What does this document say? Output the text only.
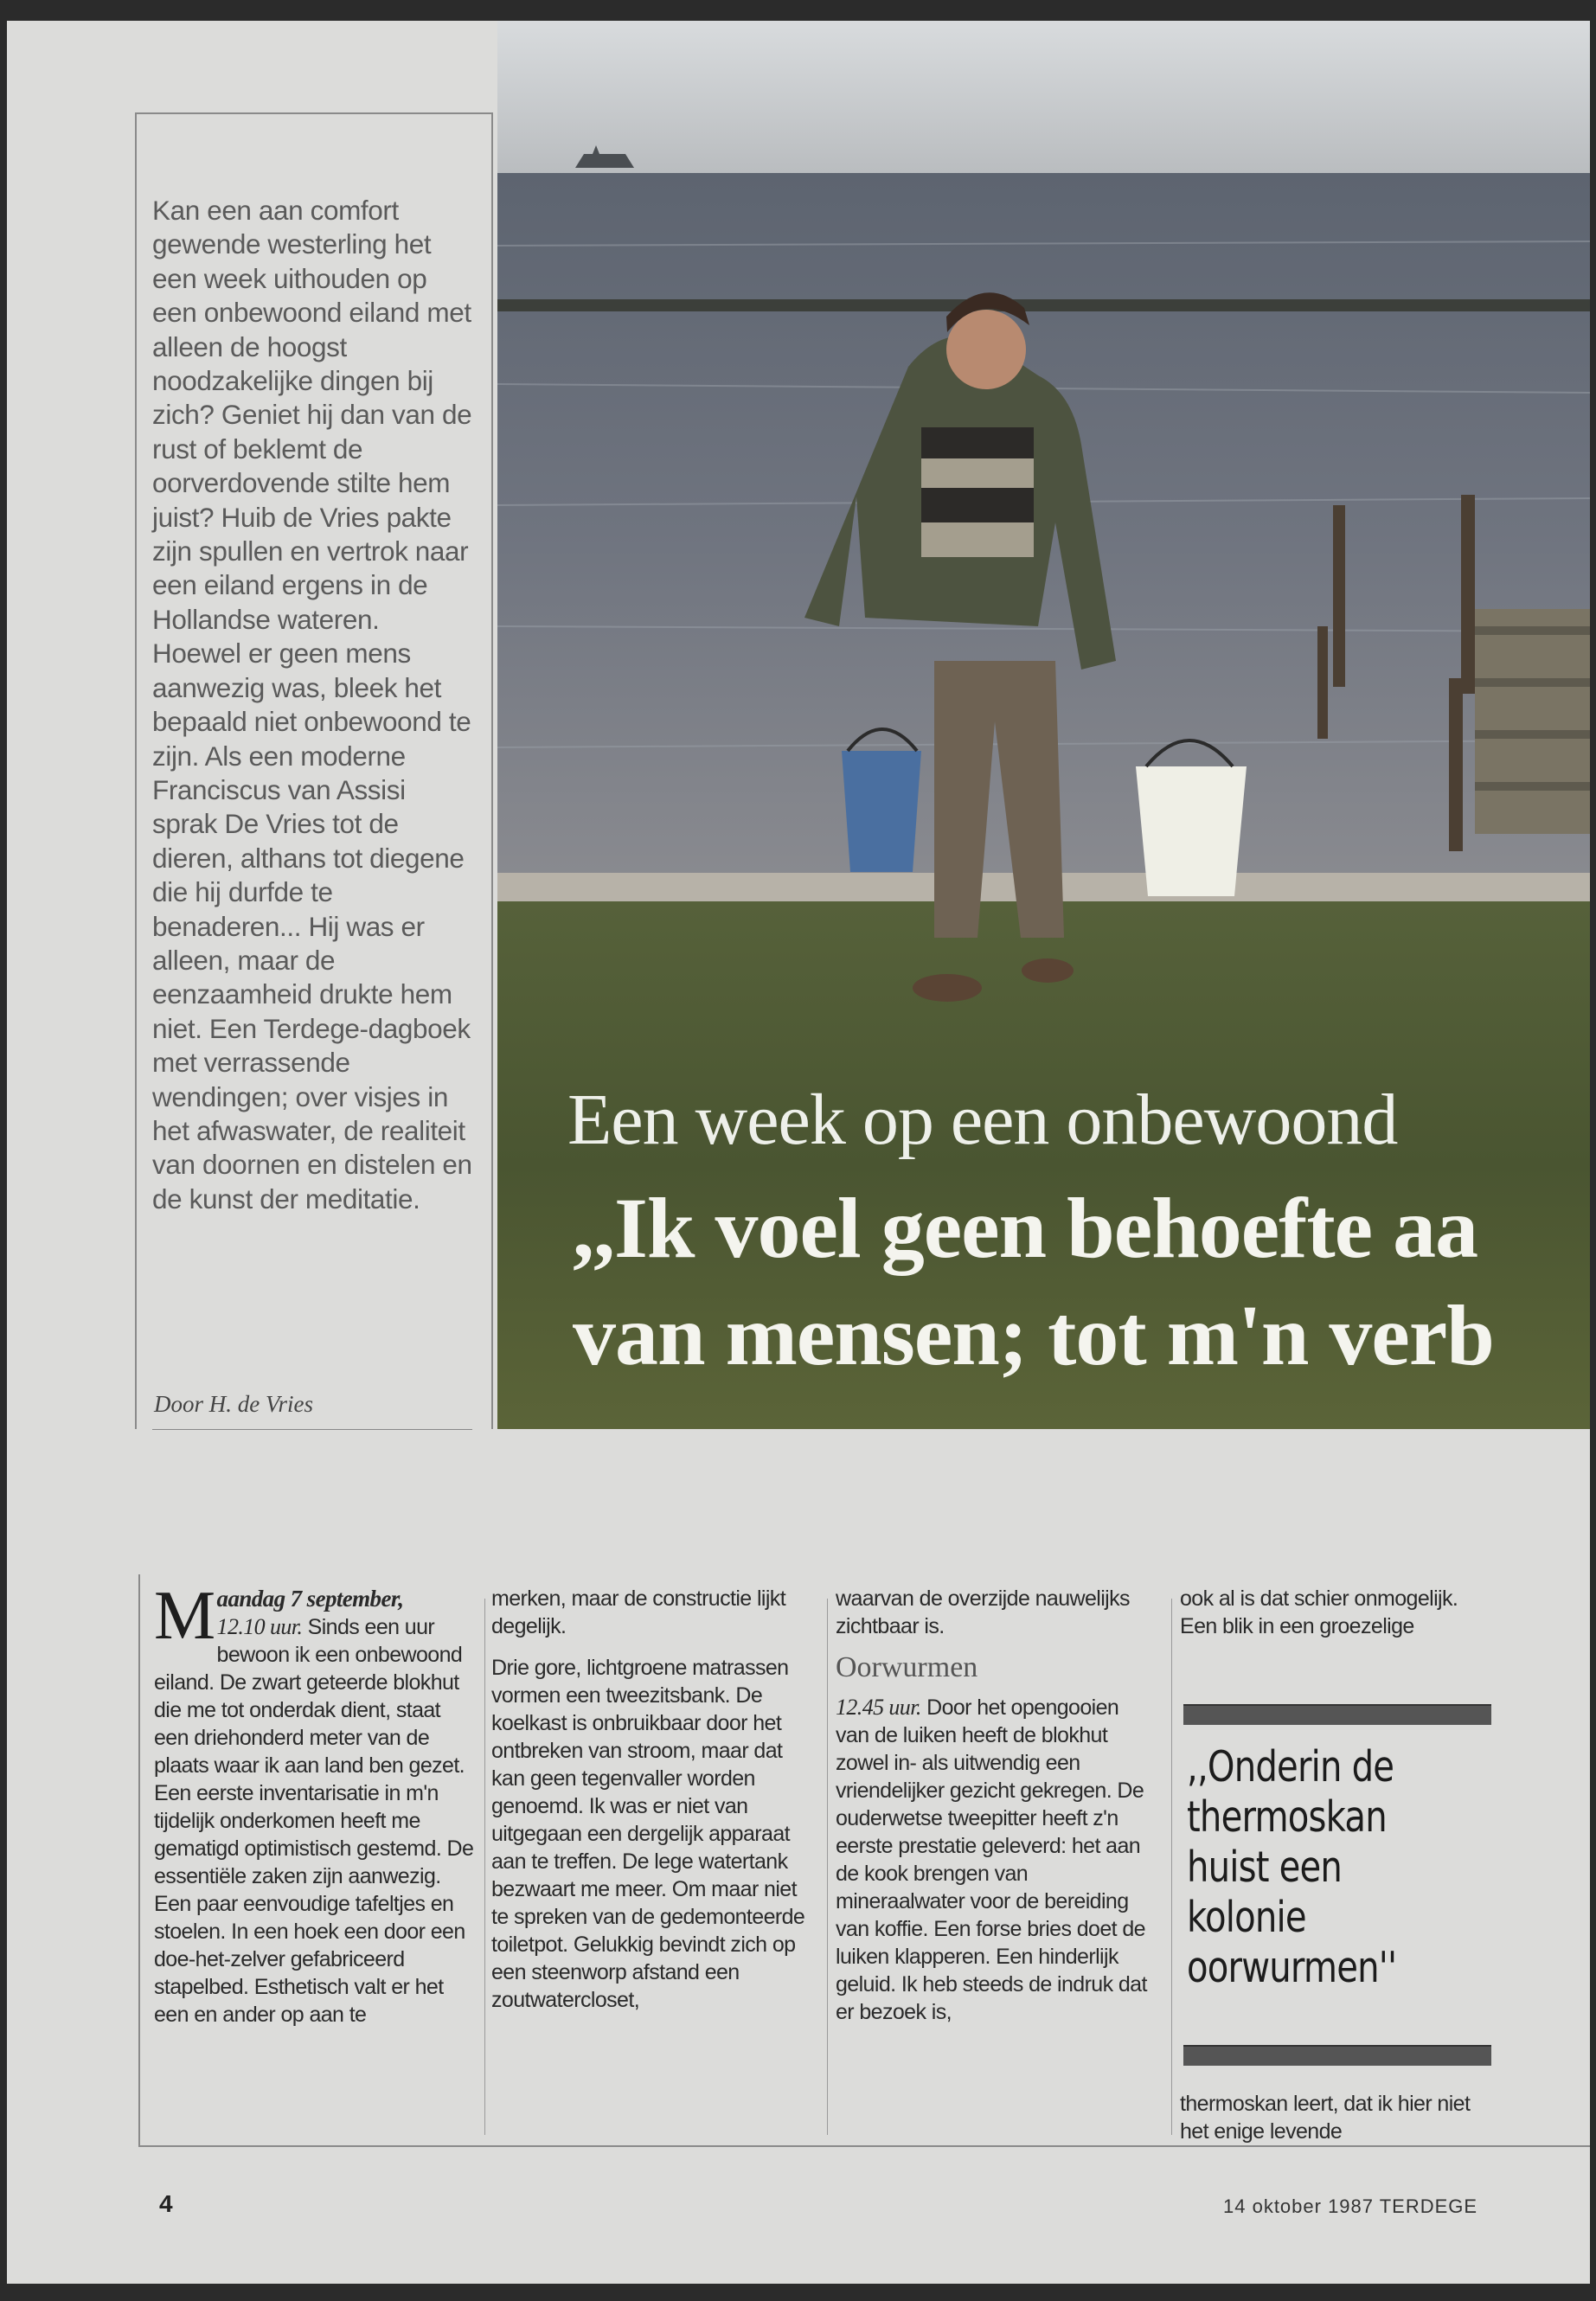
Kan een aan comfort gewende westerling het een week uithouden op een onbewoond eiland met alleen de hoogst noodzakelijke dingen bij zich? Geniet hij dan van de rust of beklemt de oorverdovende stilte hem juist? Huib de Vries pakte zijn spullen en vertrok naar een eiland ergens in de Hollandse wateren. Hoewel er geen mens aanwezig was, bleek het bepaald niet onbewoond te zijn. Als een moderne Franciscus van Assisi sprak De Vries tot de dieren, althans tot diegene die hij durfde te benaderen... Hij was er alleen, maar de eenzaamheid drukte hem niet. Een Terdege-dagboek met verrassende wendingen; over visjes in het afwaswater, de realiteit van doornen en distelen en de kunst der meditatie.
Door H. de Vries
Een week op een onbewoond
,,Ik voel geen behoefte aa
van mensen; tot m'n verb
Maandag 7 september,
12.10 uur. Sinds een uur bewoon ik een onbewoond eiland. De zwart geteerde blokhut die me tot onderdak dient, staat een driehonderd meter van de plaats waar ik aan land ben gezet. Een eerste inventarisatie in m'n tijdelijk onderkomen heeft me gematigd optimistisch gestemd. De essentiële zaken zijn aanwezig. Een paar eenvoudige tafeltjes en stoelen. In een hoek een door een doe-het-zelver gefabriceerd stapelbed. Esthetisch valt er het een en ander op aan te

merken, maar de constructie lijkt degelijk.

Drie gore, lichtgroene matrassen vormen een tweezitsbank. De koelkast is onbruikbaar door het ontbreken van stroom, maar dat kan geen tegenvaller worden genoemd. Ik was er niet van uitgegaan een dergelijk apparaat aan te treffen. De lege watertank bezwaart me meer. Om maar niet te spreken van de gedemonteerde toiletpot. Gelukkig bevindt zich op een steenworp afstand een zoutwatercloset,

waarvan de overzijde nauwelijks zichtbaar is.

Oorwurmen

12.45 uur. Door het opengooien van de luiken heeft de blokhut zowel in- als uitwendig een vriendelijker gezicht gekregen. De ouderwetse tweepitter heeft z'n eerste prestatie geleverd: het aan de kook brengen van mineraalwater voor de bereiding van koffie. Een forse bries doet de luiken klapperen. Een hinderlijk geluid. Ik heb steeds de indruk dat er bezoek is,

ook al is dat schier onmogelijk.
Een blik in een groezelige
,,Onderin de thermoskan huist een kolonie oorwurmen''
thermoskan leert, dat ik hier niet het enige levende
4	14 oktober 1987 TERDEGE
